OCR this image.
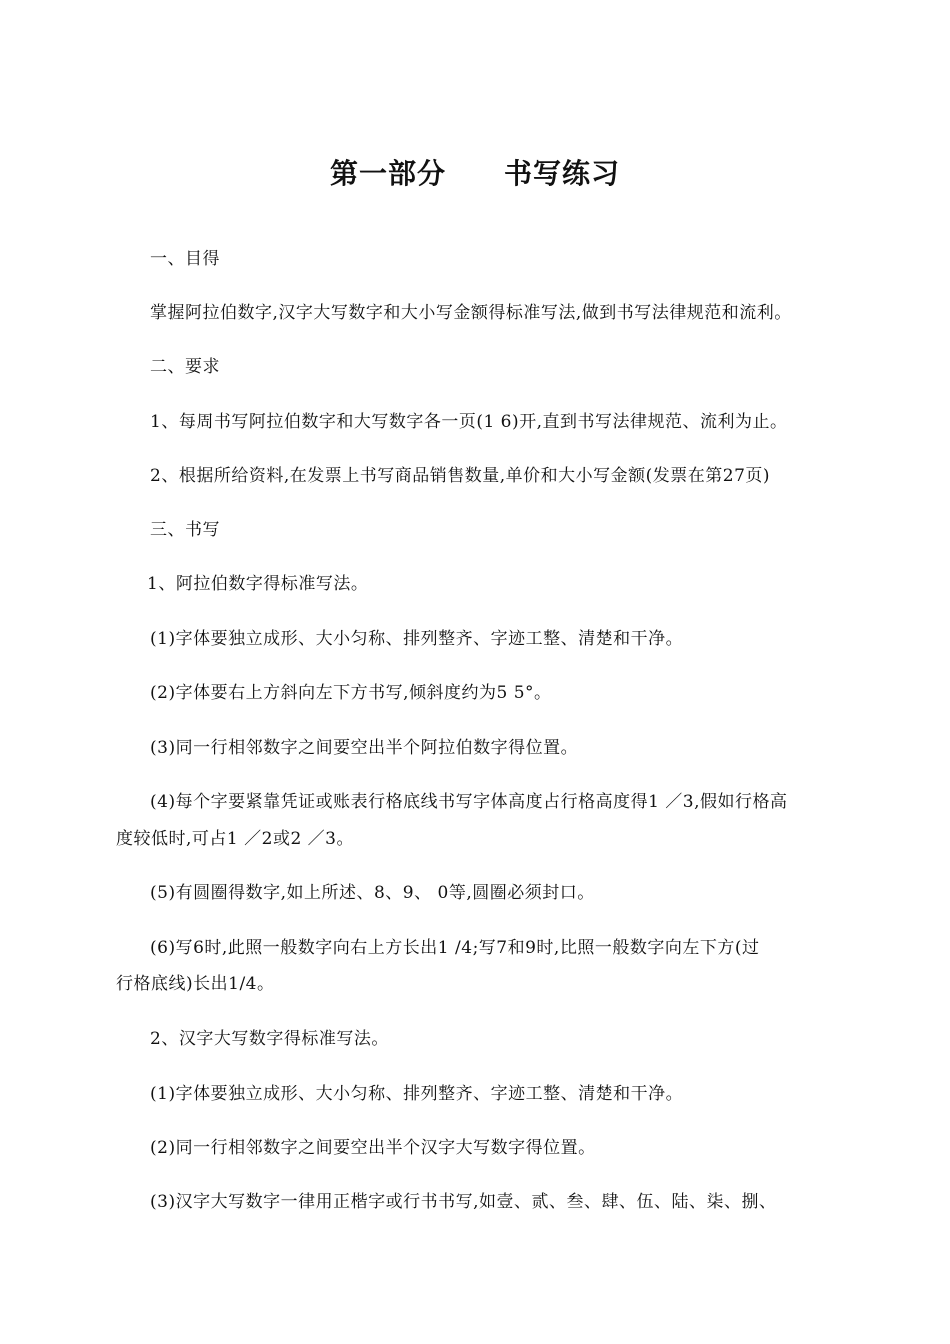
第一部分　　书写练习
一、目得
掌握阿拉伯数字,汉字大写数字和大小写金额得标准写法,做到书写法律规范和流利。
二、要求
1、每周书写阿拉伯数字和大写数字各一页(1 6)开,直到书写法律规范、流利为止。
2、根据所给资料,在发票上书写商品销售数量,单价和大小写金额(发票在第27页)
三、书写
1、阿拉伯数字得标准写法。
(1)字体要独立成形、大小匀称、排列整齐、字迹工整、清楚和干净。
(2)字体要右上方斜向左下方书写,倾斜度约为5 5°。
(3)同一行相邻数字之间要空出半个阿拉伯数字得位置。
(4)每个字要紧靠凭证或账表行格底线书写字体高度占行格高度得1 ／3,假如行格高
度较低时,可占1 ／2或2 ／3。
(5)有圆圈得数字,如上所述、8、9、 0等,圆圈必须封口。
(6)写6时,此照一般数字向右上方长出1 /4;写7和9时,比照一般数字向左下方(过
行格底线)长出1/4。
2、汉字大写数字得标准写法。
(1)字体要独立成形、大小匀称、排列整齐、字迹工整、清楚和干净。
(2)同一行相邻数字之间要空出半个汉字大写数字得位置。
(3)汉字大写数字一律用正楷字或行书书写,如壹、贰、叁、肆、伍、陆、柒、捌、
